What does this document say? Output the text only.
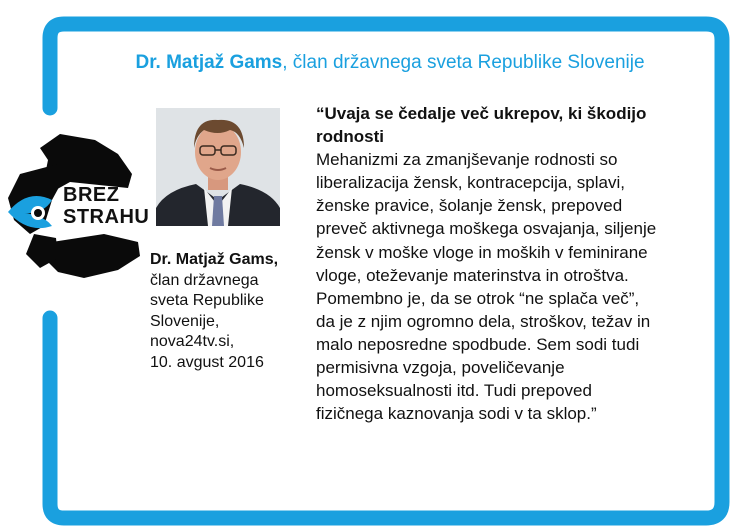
BREZ
STRAHU
Dr. Matjaž Gams, član državnega sveta Republike Slovenije
Dr. Matjaž Gams,
član državnega
sveta Republike
Slovenije,
nova24tv.si,
10. avgust 2016
“Uvaja se čedalje več ukrepov, ki škodijo rodnosti
Mehanizmi za zmanjševanje rodnosti so liberalizacija žensk, kontracepcija, splavi, ženske pravice, šolanje žensk, prepoved preveč aktivnega moškega osvajanja, siljenje žensk v moške vloge in moških v feminirane vloge, oteževanje materinstva in otroštva. Pomembno je, da se otrok “ne splača več”, da je z njim ogromno dela, stroškov, težav in malo neposredne spodbude. Sem sodi tudi permisivna vzgoja, poveličevanje homoseksualnosti itd. Tudi prepoved fizičnega kaznovanja sodi v ta sklop.”
